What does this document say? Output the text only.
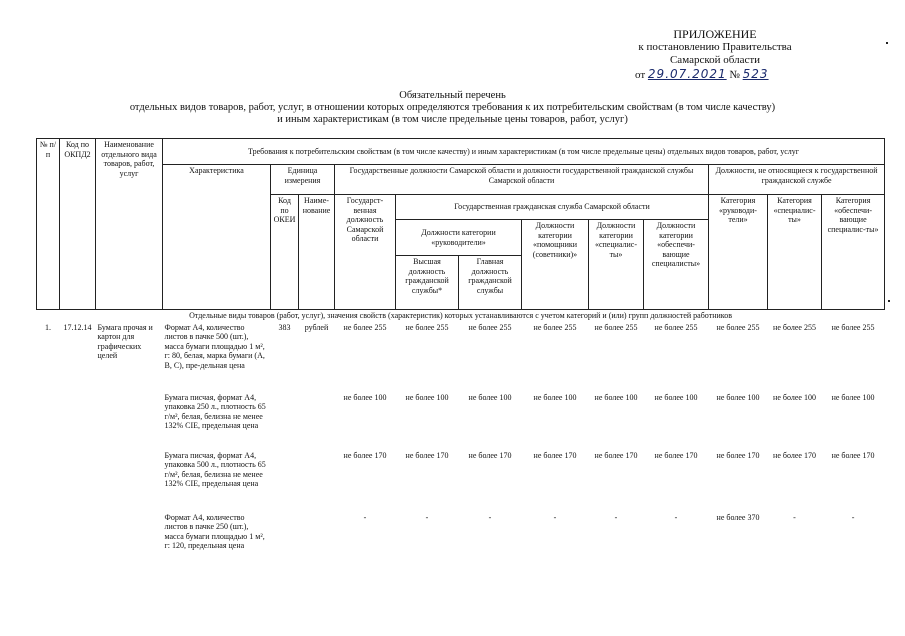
ПРИЛОЖЕНИЕ
к постановлению Правительства
Самарской области
от 29.07.2021 № 523
Обязательный перечень
отдельных видов товаров, работ, услуг, в отношении которых определяются требования к их потребительским свойствам (в том числе качеству)
и иным характеристикам (в том числе предельные цены товаров, работ, услуг)
№ п/п	Код по ОКПД2	Наименование отдельного вида товаров, работ, услуг	Требования к потребительским свойствам (в том числе качеству) и иным характеристикам (в том числе предельные цены) отдельных видов товаров, работ, услуг											
			Характеристика	Единица измерения		Государственные должности Самарской области и должности государственной гражданской службы Самарской области						Должности, не относящиеся к государственной гражданской службе		
				Код по ОКЕИ	Наиме-нование	Государст-венная должность Самарской области	Государственная гражданская служба Самарской области					Категория «руководи-тели»	Категория «специалис-ты»	Категория «обеспечи-вающие специалис-ты»
							Должности категории «руководители»		Должности категории «помощники (советники)»	Должности категории «специалис-ты»	Должности категории «обеспечи-вающие специалисты»			
							Высшая должность гражданской службы*	Главная должность гражданской службы						
Отдельные виды товаров (работ, услуг), значения свойств (характеристик) которых устанавливаются с учетом категорий и (или) групп должностей работников														
1.	17.12.14	Бумага прочая и картон для графических целей	Формат А4, количество листов в пачке 500 (шт.), масса бумаги площадью 1 м², г: 80, белая, марка бумаги (А, В, С), пре-дельная цена	383	рублей	не более 255	не более 255	не более 255	не более 255	не более 255	не более 255	не более 255	не более 255	не более 255
			Бумага писчая, формат А4, упаковка 250 л., плотность 65 г/м², белая, белизна не менее 132% CIE, предельная цена			не более 100	не более 100	не более 100	не более 100	не более 100	не более 100	не более 100	не более 100	не более 100
			Бумага писчая, формат А4, упаковка 500 л., плотность 65 г/м², белая, белизна не менее 132% CIE, предельная цена			не более 170	не более 170	не более 170	не более 170	не более 170	не более 170	не более 170	не более 170	не более 170
			Формат А4, количество листов в пачке 250 (шт.), масса бумаги площадью 1 м², г: 120, предельная цена			-	-	-	-	-	-	не более 370	-	-
